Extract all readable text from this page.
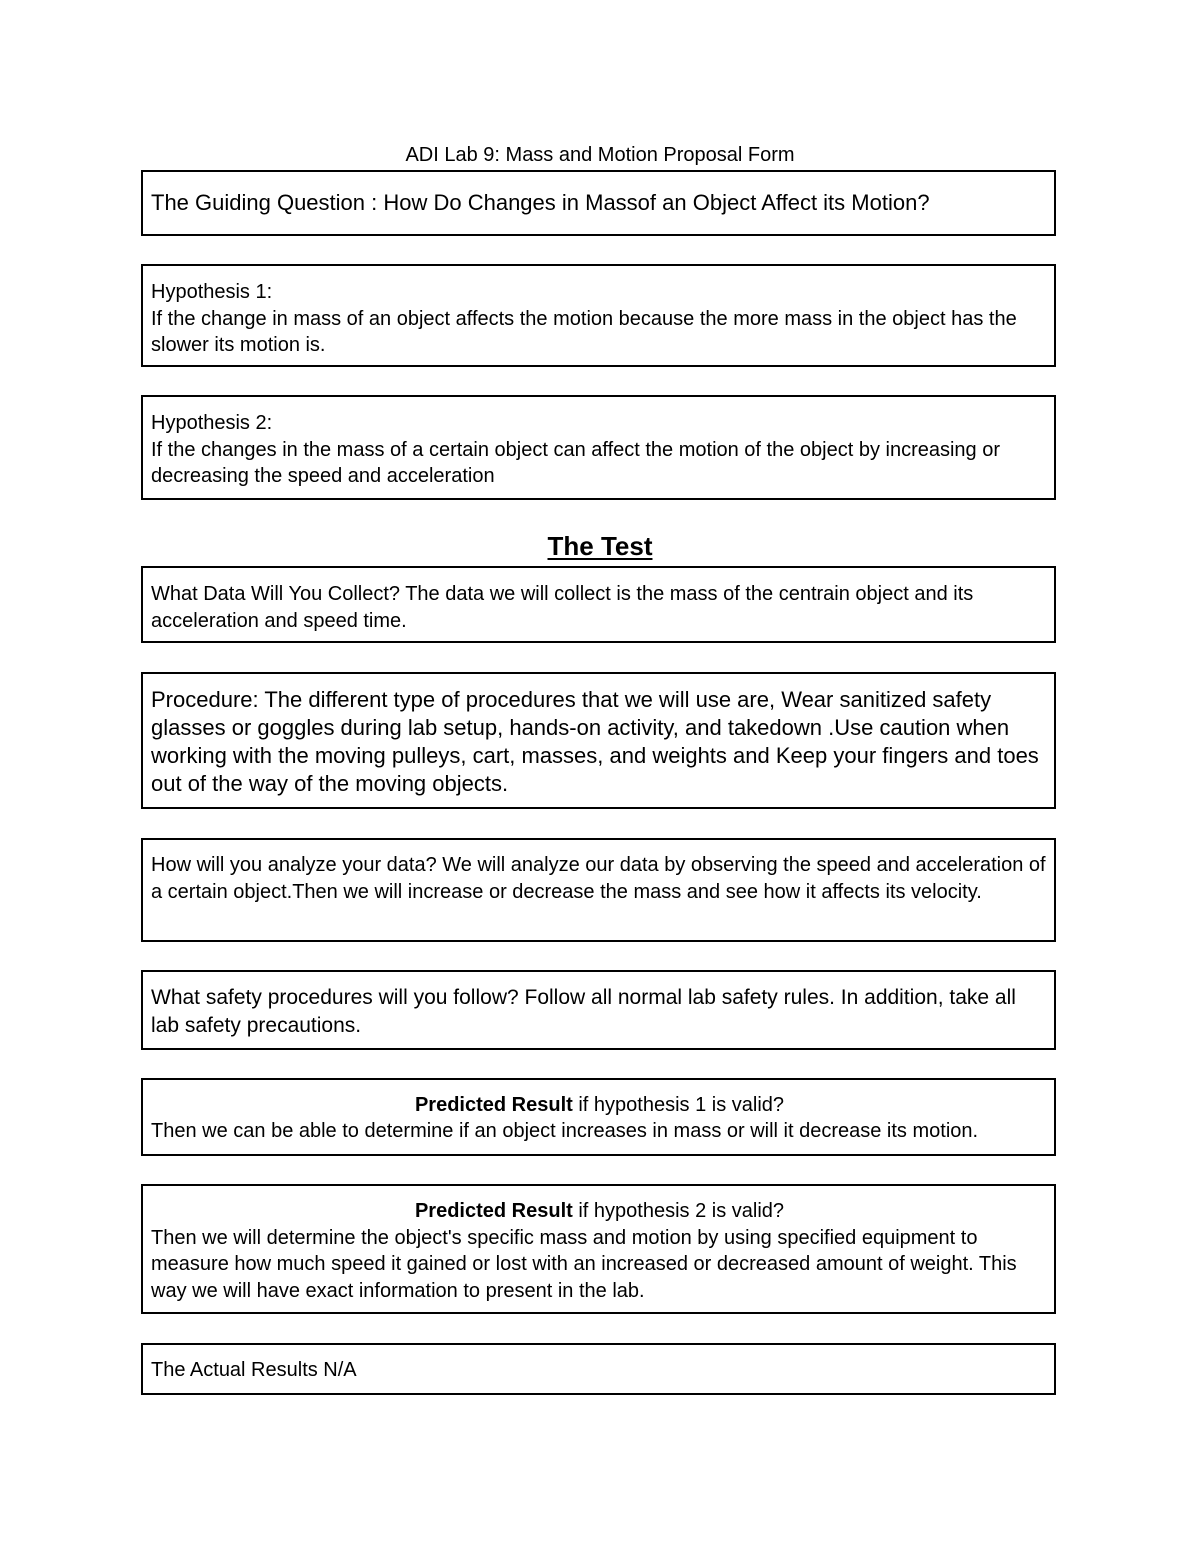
ADI Lab 9: Mass and Motion Proposal Form
The Guiding Question : How Do Changes in Massof an Object Affect its Motion?
Hypothesis 1:
If the change in mass of an object affects the motion because the more mass in the object has the slower its motion is.
Hypothesis 2:
If the changes in the mass of a certain object can affect the motion of the object by increasing or decreasing the speed and acceleration
The Test
What Data Will You Collect? The data we will collect is the mass of the centrain object and its acceleration and speed time.
Procedure: The different type of procedures that we will use are, Wear sanitized safety glasses or goggles during lab setup, hands-on activity, and takedown .Use caution when working with the moving pulleys, cart, masses, and weights and Keep your fingers and toes out of the way of the moving objects.
How will you analyze your data? We will analyze our data by observing the speed and acceleration of a certain object.Then we will increase or decrease the mass and see how it affects its velocity.
What safety procedures will you follow? Follow all normal lab safety rules. In addition, take all lab safety precautions.
Predicted Result if hypothesis 1 is valid?
Then we can be able to determine if an object increases in mass or will it decrease its motion.
Predicted Result if hypothesis 2 is valid?
Then we will determine the object's specific mass and motion by using specified equipment to measure how much speed it gained or lost with an increased or decreased amount of weight. This way we will have exact information to present in the lab.
The Actual Results N/A
